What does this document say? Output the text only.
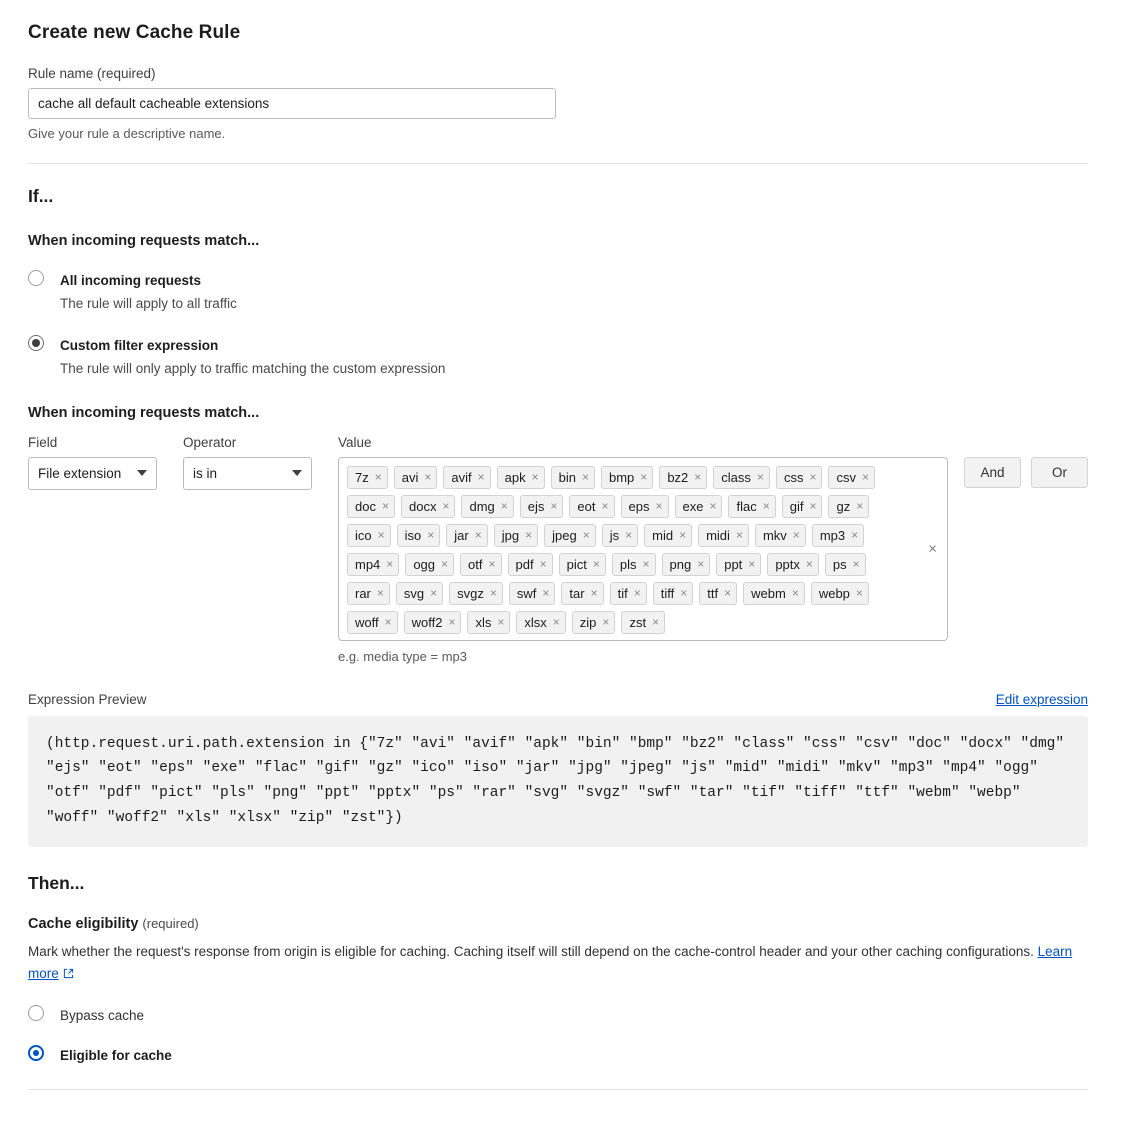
Create new Cache Rule
Rule name (required)
cache all default cacheable extensions
Give your rule a descriptive name.
If...
When incoming requests match...
All incoming requests
The rule will apply to all traffic
Custom filter expression
The rule will only apply to traffic matching the custom expression
When incoming requests match...
Field
File extension
Operator
is in
Value
7z × avi × avif × apk × bin × bmp × bz2 × class × css × csv ×
doc × docx × dmg × ejs × eot × eps × exe × flac × gif × gz ×
ico × iso × jar × jpg × jpeg × js × mid × midi × mkv × mp3 ×
mp4 × ogg × otf × pdf × pict × pls × png × ppt × pptx × ps ×
rar × svg × svgz × swf × tar × tif × tiff × ttf × webm × webp ×
woff × woff2 × xls × xlsx × zip × zst ×
×
e.g. media type = mp3
And	Or
Expression Preview	Edit expression
(http.request.uri.path.extension in {"7z" "avi" "avif" "apk" "bin" "bmp" "bz2" "class" "css" "csv" "doc" "docx" "dmg" "ejs" "eot" "eps" "exe" "flac" "gif" "gz" "ico" "iso" "jar" "jpg" "jpeg" "js" "mid" "midi" "mkv" "mp3" "mp4" "ogg" "otf" "pdf" "pict" "pls" "png" "ppt" "pptx" "ps" "rar" "svg" "svgz" "swf" "tar" "tif" "tiff" "ttf" "webm" "webp" "woff" "woff2" "xls" "xlsx" "zip" "zst"})
Then...
Cache eligibility (required)
Mark whether the request's response from origin is eligible for caching. Caching itself will still depend on the cache-control header and your other caching configurations. Learn more
Bypass cache
Eligible for cache
